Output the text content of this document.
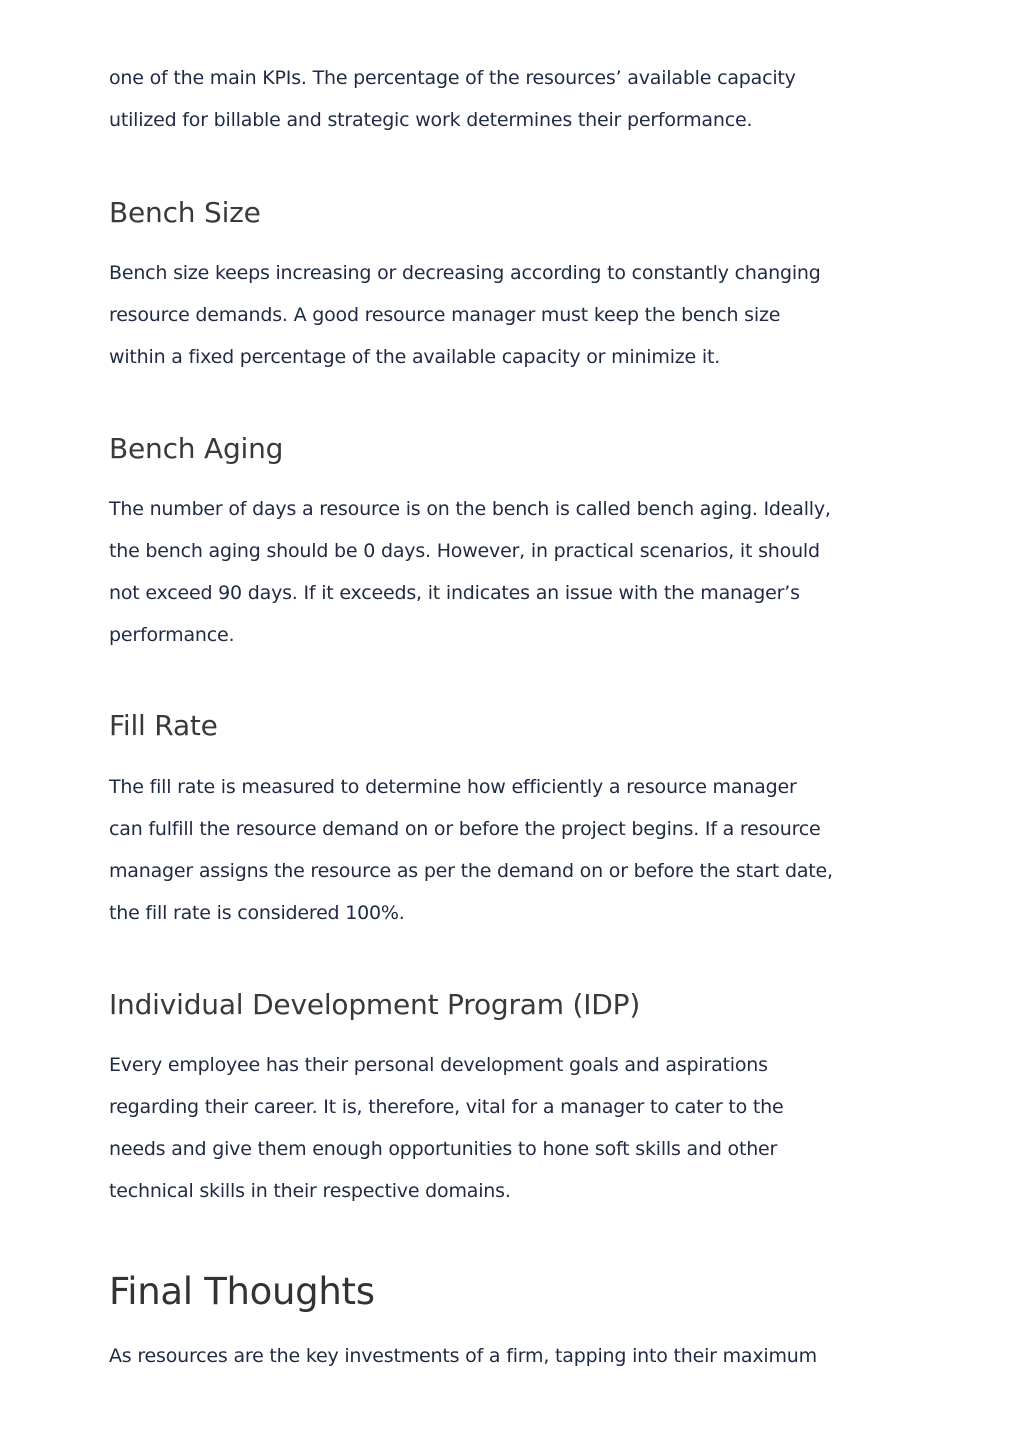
one of the main KPIs. The percentage of the resources’ available capacity
utilized for billable and strategic work determines their performance.

Bench Size

Bench size keeps increasing or decreasing according to constantly changing
resource demands. A good resource manager must keep the bench size
within a fixed percentage of the available capacity or minimize it.

Bench Aging

The number of days a resource is on the bench is called bench aging. Ideally,
the bench aging should be 0 days. However, in practical scenarios, it should
not exceed 90 days. If it exceeds, it indicates an issue with the manager’s
performance.

Fill Rate

The fill rate is measured to determine how efficiently a resource manager
can fulfill the resource demand on or before the project begins. If a resource
manager assigns the resource as per the demand on or before the start date,
the fill rate is considered 100%.

Individual Development Program (IDP)

Every employee has their personal development goals and aspirations
regarding their career. It is, therefore, vital for a manager to cater to the
needs and give them enough opportunities to hone soft skills and other
technical skills in their respective domains.

Final Thoughts

As resources are the key investments of a firm, tapping into their maximum
